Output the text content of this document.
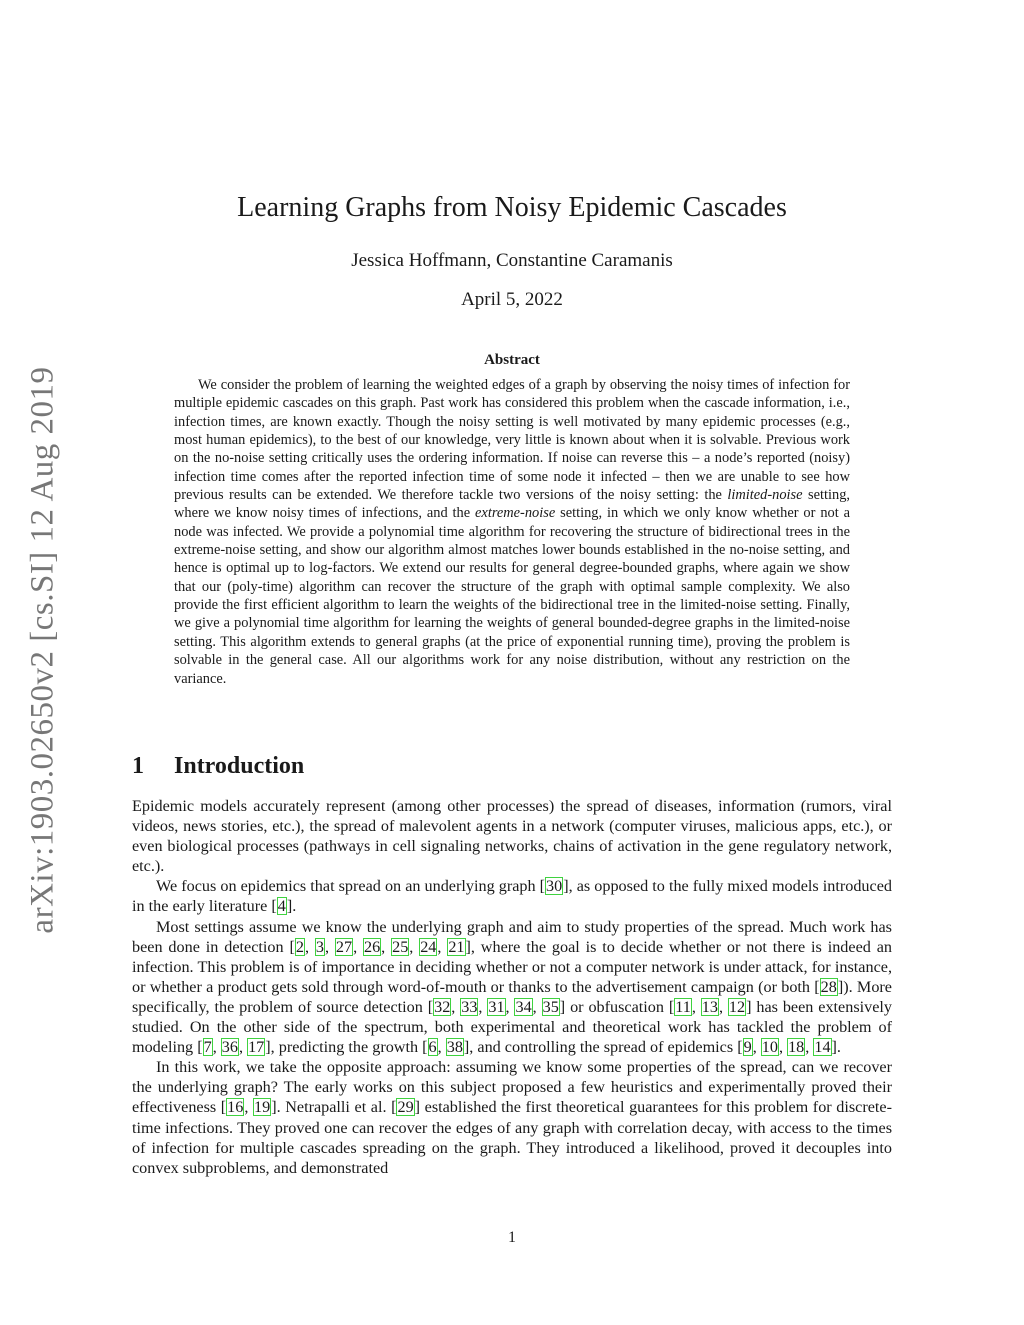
arXiv:1903.02650v2 [cs.SI] 12 Aug 2019
Learning Graphs from Noisy Epidemic Cascades
Jessica Hoffmann, Constantine Caramanis
April 5, 2022
Abstract

We consider the problem of learning the weighted edges of a graph by observing the noisy times of infection for multiple epidemic cascades on this graph. Past work has considered this problem when the cascade information, i.e., infection times, are known exactly. Though the noisy setting is well motivated by many epidemic processes (e.g., most human epidemics), to the best of our knowledge, very little is known about when it is solvable. Previous work on the no-noise setting critically uses the ordering information. If noise can reverse this – a node’s reported (noisy) infection time comes after the reported infection time of some node it infected – then we are unable to see how previous results can be extended. We therefore tackle two versions of the noisy setting: the limited-noise setting, where we know noisy times of infections, and the extreme-noise setting, in which we only know whether or not a node was infected. We provide a polynomial time algorithm for recovering the structure of bidirectional trees in the extreme-noise setting, and show our algorithm almost matches lower bounds established in the no-noise setting, and hence is optimal up to log-factors. We extend our results for general degree-bounded graphs, where again we show that our (poly-time) algorithm can recover the structure of the graph with optimal sample complexity. We also provide the first efficient algorithm to learn the weights of the bidirectional tree in the limited-noise setting. Finally, we give a polynomial time algorithm for learning the weights of general bounded-degree graphs in the limited-noise setting. This algorithm extends to general graphs (at the price of exponential running time), proving the problem is solvable in the general case. All our algorithms work for any noise distribution, without any restriction on the variance.

1 Introduction

Epidemic models accurately represent (among other processes) the spread of diseases, information (rumors, viral videos, news stories, etc.), the spread of malevolent agents in a network (computer viruses, malicious apps, etc.), or even biological processes (pathways in cell signaling networks, chains of activation in the gene regulatory network, etc.).

We focus on epidemics that spread on an underlying graph [30], as opposed to the fully mixed models introduced in the early literature [4].

Most settings assume we know the underlying graph and aim to study properties of the spread. Much work has been done in detection [2, 3, 27, 26, 25, 24, 21], where the goal is to decide whether or not there is indeed an infection. This problem is of importance in deciding whether or not a computer network is under attack, for instance, or whether a product gets sold through word-of-mouth or thanks to the advertisement campaign (or both [28]). More specifically, the problem of source detection [32, 33, 31, 34, 35] or obfuscation [11, 13, 12] has been extensively studied. On the other side of the spectrum, both experimental and theoretical work has tackled the problem of modeling [7, 36, 17], predicting the growth [6, 38], and controlling the spread of epidemics [9, 10, 18, 14].

In this work, we take the opposite approach: assuming we know some properties of the spread, can we recover the underlying graph? The early works on this subject proposed a few heuristics and experimentally proved their effectiveness [16, 19]. Netrapalli et al. [29] established the first theoretical guarantees for this problem for discrete-time infections. They proved one can recover the edges of any graph with correlation decay, with access to the times of infection for multiple cascades spreading on the graph. They introduced a likelihood, proved it decouples into convex subproblems, and demonstrated

1
